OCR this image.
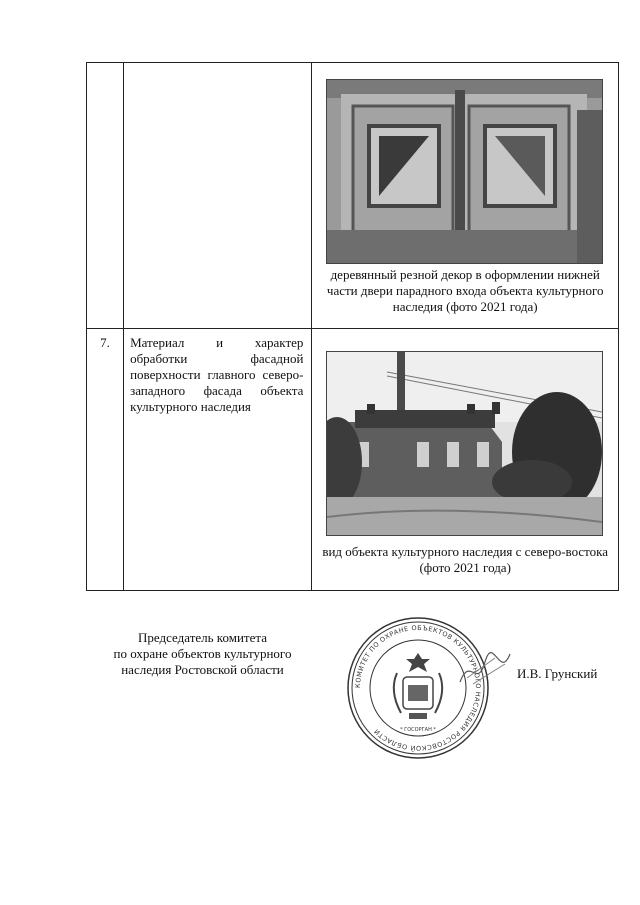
		деревянный резной декор в оформлении нижней части двери парадного входа объекта культурного наследия (фото 2021 года)

7.	Материал и характер обработки фасадной поверхности главного северо-западного фасада объекта культурного наследия	вид объекта культурного наследия с северо-востока (фото 2021 года)
Председатель комитета
по охране объектов культурного
наследия Ростовской области
КОМИТЕТ ПО ОХРАНЕ ОБЪЕКТОВ КУЛЬТУРНОГО НАСЛЕДИЯ РОСТОВСКОЙ ОБЛАСТИ	* ГОСОРГАН *
И.В. Грунский
